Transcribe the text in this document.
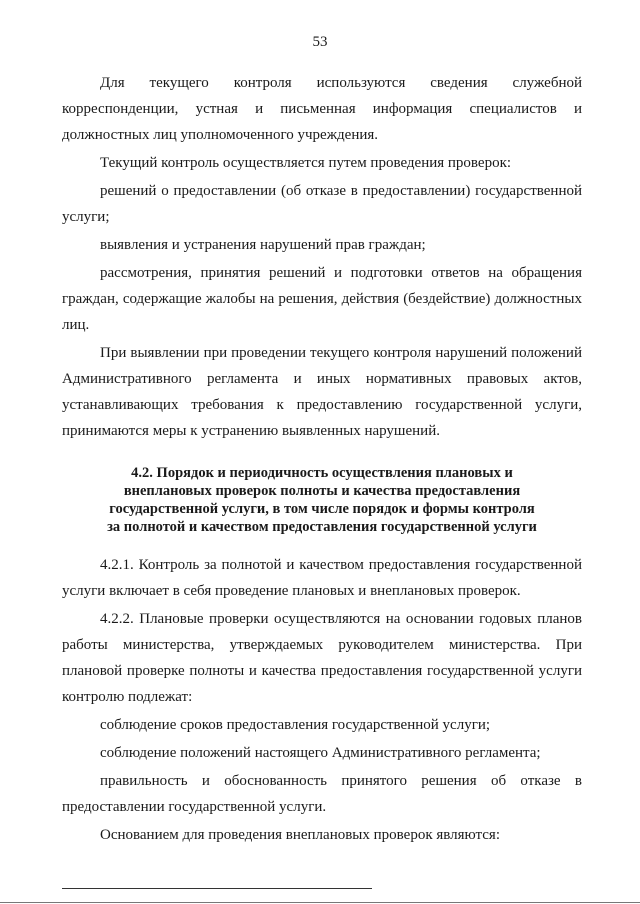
53

Для текущего контроля используются сведения служебной корреспонденции, устная и письменная информация специалистов и должностных лиц уполномоченного учреждения.

Текущий контроль осуществляется путем проведения проверок:

решений о предоставлении (об отказе в предоставлении) государственной услуги;

выявления и устранения нарушений прав граждан;

рассмотрения, принятия решений и подготовки ответов на обращения граждан, содержащие жалобы на решения, действия (бездействие) должностных лиц.

При выявлении при проведении текущего контроля нарушений положений Административного регламента и иных нормативных правовых актов, устанавливающих требования к предоставлению государственной услуги, принимаются меры к устранению выявленных нарушений.

4.2. Порядок и периодичность осуществления плановых и внеплановых проверок полноты и качества предоставления государственной услуги, в том числе порядок и формы контроля за полнотой и качеством предоставления государственной услуги

4.2.1. Контроль за полнотой и качеством предоставления государственной услуги включает в себя проведение плановых и внеплановых проверок.

4.2.2. Плановые проверки осуществляются на основании годовых планов работы министерства, утверждаемых руководителем министерства. При плановой проверке полноты и качества предоставления государственной услуги контролю подлежат:

соблюдение сроков предоставления государственной услуги;

соблюдение положений настоящего Административного регламента;

правильность и обоснованность принятого решения об отказе в предоставлении государственной услуги.

Основанием для проведения внеплановых проверок являются:
